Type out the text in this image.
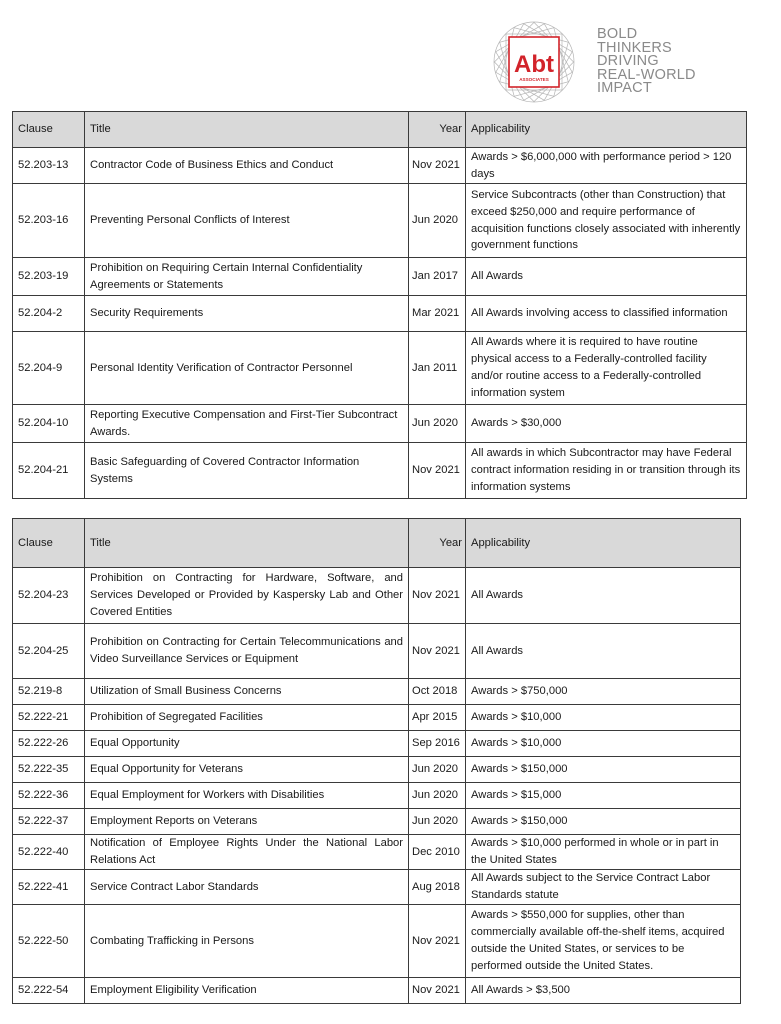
Abt
ASSOCIATES
BOLD
THINKERS
DRIVING
REAL-WORLD
IMPACT
Clause	Title	Year	Applicability
52.203-13	Contractor Code of Business Ethics and Conduct	Nov 2021	Awards > $6,000,000 with performance period > 120 days
52.203-16	Preventing Personal Conflicts of Interest	Jun 2020	Service Subcontracts (other than Construction) that exceed $250,000 and require performance of acquisition functions closely associated with inherently government functions
52.203-19	Prohibition on Requiring Certain Internal Confidentiality Agreements or Statements	Jan 2017	All Awards
52.204-2	Security Requirements	Mar 2021	All Awards involving access to classified information
52.204-9	Personal Identity Verification of Contractor Personnel	Jan 2011	All Awards where it is required to have routine physical access to a Federally-controlled facility and/or routine access to a Federally-controlled information system
52.204-10	Reporting Executive Compensation and First-Tier Subcontract Awards.	Jun 2020	Awards > $30,000
52.204-21	Basic Safeguarding of Covered Contractor Information Systems	Nov 2021	All awards in which Subcontractor may have Federal contract information residing in or transition through its information systems
Clause	Title	Year	Applicability
52.204-23	Prohibition on Contracting for Hardware, Software, and Services Developed or Provided by Kaspersky Lab and Other Covered Entities	Nov 2021	All Awards
52.204-25	Prohibition on Contracting for Certain Telecommunications and Video Surveillance Services or Equipment	Nov 2021	All Awards
52.219-8	Utilization of Small Business Concerns	Oct 2018	Awards > $750,000
52.222-21	Prohibition of Segregated Facilities	Apr 2015	Awards > $10,000
52.222-26	Equal Opportunity	Sep 2016	Awards > $10,000
52.222-35	Equal Opportunity for Veterans	Jun 2020	Awards > $150,000
52.222-36	Equal Employment for Workers with Disabilities	Jun 2020	Awards > $15,000
52.222-37	Employment Reports on Veterans	Jun 2020	Awards > $150,000
52.222-40	Notification of Employee Rights Under the National Labor Relations Act	Dec 2010	Awards > $10,000 performed in whole or in part in the United States
52.222-41	Service Contract Labor Standards	Aug 2018	All Awards subject to the Service Contract Labor Standards statute
52.222-50	Combating Trafficking in Persons	Nov 2021	Awards > $550,000 for supplies, other than commercially available off-the-shelf items, acquired outside the United States, or services to be performed outside the United States.
52.222-54	Employment Eligibility Verification	Nov 2021	All Awards > $3,500
